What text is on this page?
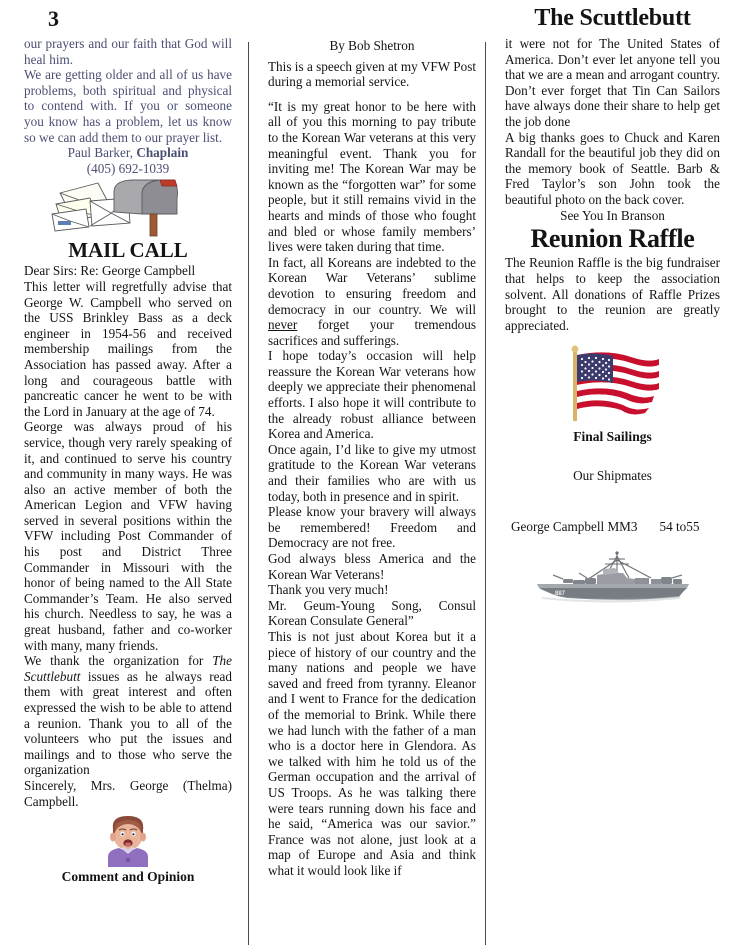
3

our prayers and our faith that God will heal him.

We are getting older and all of us have problems, both spiritual and physical to contend with. If you or someone you know has a problem, let us know so we can add them to our prayer list.

Paul Barker, Chaplain

(405) 692-1039

MAIL CALL

Dear Sirs: Re: George Campbell

This letter will regretfully advise that George W. Campbell who served on the USS Brinkley Bass as a deck engineer in 1954-56 and received membership mailings from the Association has passed away. After a long and courageous battle with pancreatic cancer he went to be with the Lord in January at the age of 74.

George was always proud of his service, though very rarely speaking of it, and continued to serve his country and community in many ways. He was also an active member of both the American Legion and VFW having served in several positions within the VFW including Post Commander of his post and District Three Commander in Missouri with the honor of being named to the All State Commander’s Team. He also served his church. Needless to say, he was a great husband, father and co-worker with many, many friends.

We thank the organization for The Scuttlebutt issues as he always read them with great interest and often expressed the wish to be able to attend a reunion. Thank you to all of the volunteers who put the issues and mailings and to those who serve the organization

Sincerely, Mrs. George (Thelma) Campbell.

Comment and Opinion

By Bob Shetron

This is a speech given at my VFW Post during a memorial service.

“It is my great honor to be here with all of you this morning to pay tribute to the Korean War veterans at this very meaningful event. Thank you for inviting me! The Korean War may be known as the “forgotten war” for some people, but it still remains vivid in the hearts and minds of those who fought and bled or whose family members’ lives were taken during that time.

In fact, all Koreans are indebted to the Korean War Veterans’ sublime devotion to ensuring freedom and democracy in our country. We will never forget your tremendous sacrifices and sufferings.

I hope today’s occasion will help reassure the Korean War veterans how deeply we appreciate their phenomenal efforts. I also hope it will contribute to the already robust alliance between Korea and America.

Once again, I’d like to give my utmost gratitude to the Korean War veterans and their families who are with us today, both in presence and in spirit.

Please know your bravery will always be remembered! Freedom and Democracy are not free.

God always bless America and the Korean War Veterans!

Thank you very much!

Mr. Geum-Young Song, Consul Korean Consulate General”

This is not just about Korea but it a piece of history of our country and the many nations and people we have saved and freed from tyranny. Eleanor and I went to France for the dedication of the memorial to Brink. While there we had lunch with the father of a man who is a doctor here in Glendora. As we talked with him he told us of the German occupation and the arrival of US Troops. As he was talking there were tears running down his face and he said, “America was our savior.” France was not alone, just look at a map of Europe and Asia and think what it would look like if

The Scuttlebutt

it were not for The United States of America. Don’t ever let anyone tell you that we are a mean and arrogant country. Don’t ever forget that Tin Can Sailors have always done their share to help get the job done

A big thanks goes to Chuck and Karen Randall for the beautiful job they did on the memory book of Seattle. Barb & Fred Taylor’s son John took the beautiful photo on the back cover.

See You In Branson

Reunion Raffle

The Reunion Raffle is the big fundraiser that helps to keep the association solvent. All donations of Raffle Prizes brought to the reunion are greatly appreciated.

Final Sailings

Our Shipmates

George Campbell MM3 54 to55

887
